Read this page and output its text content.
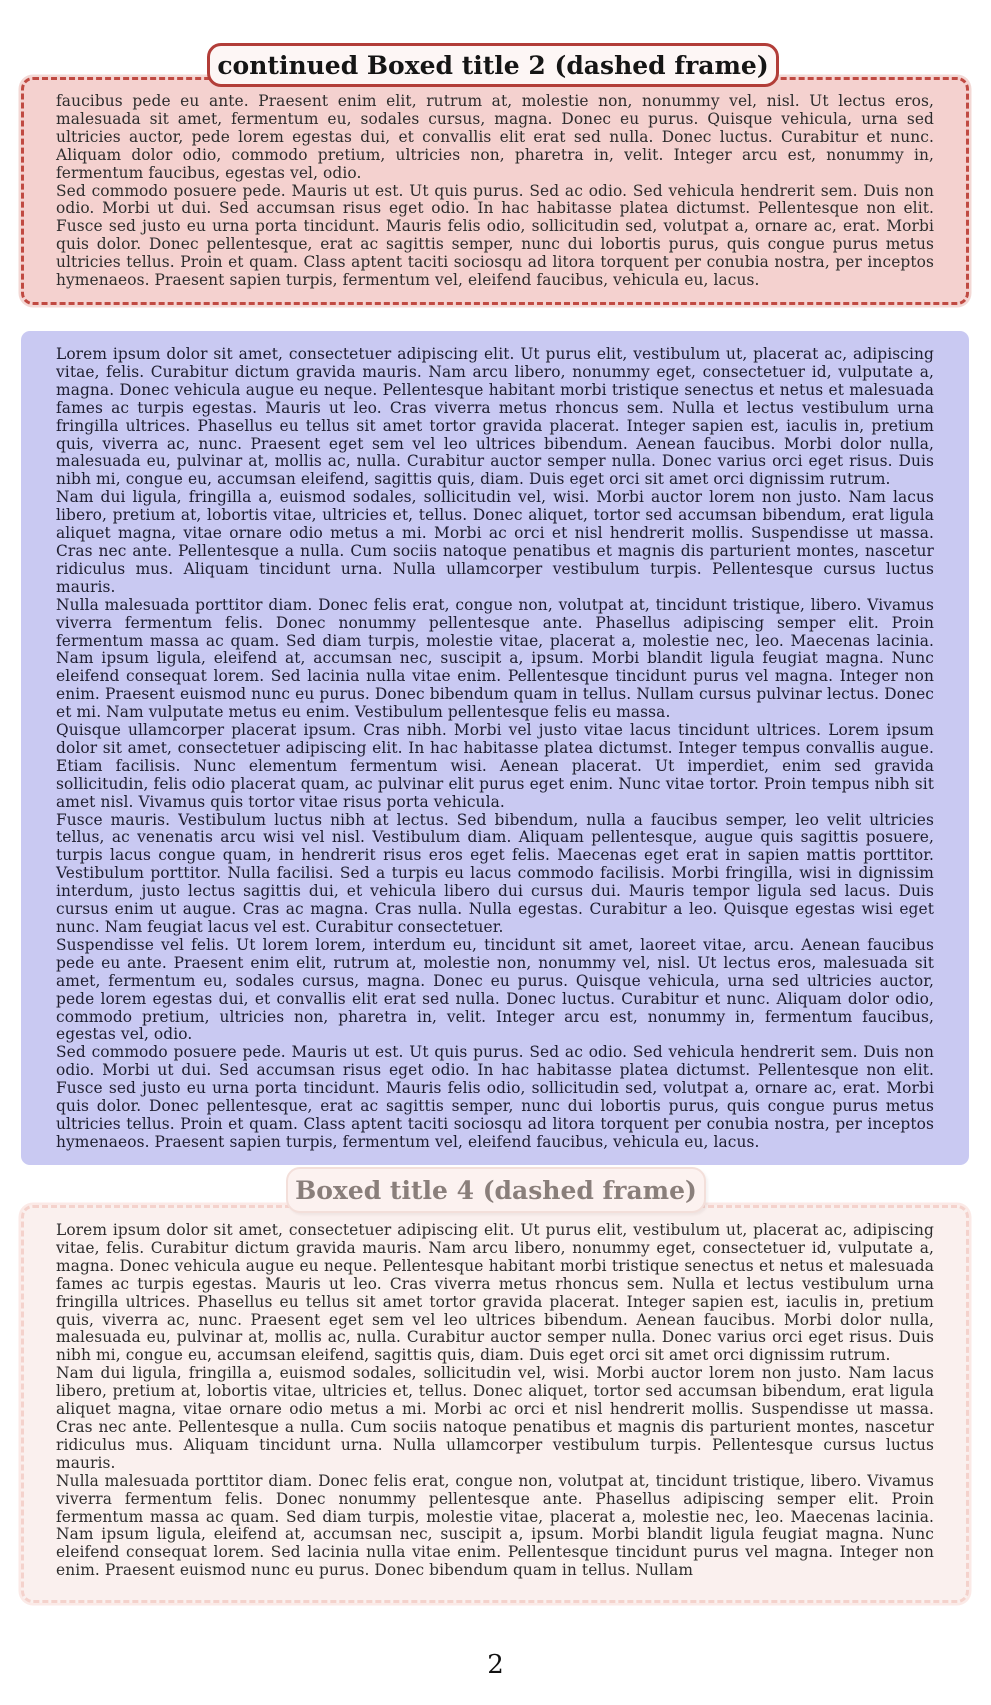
faucibus pede eu ante. Praesent enim elit, rutrum at, molestie non, nonummy vel, nisl. Ut lectus eros, malesuada sit amet, fermentum eu, sodales cursus, magna. Donec eu purus. Quisque vehicula, urna sed ultricies auctor, pede lorem egestas dui, et convallis elit erat sed nulla. Donec luctus. Curabitur et nunc. Aliquam dolor odio, commodo pretium, ultricies non, pharetra in, velit. Integer arcu est, nonummy in, fermentum faucibus, egestas vel, odio.

Sed commodo posuere pede. Mauris ut est. Ut quis purus. Sed ac odio. Sed vehicula hendrerit sem. Duis non odio. Morbi ut dui. Sed accumsan risus eget odio. In hac habitasse platea dictumst. Pellentesque non elit. Fusce sed justo eu urna porta tincidunt. Mauris felis odio, sollicitudin sed, volutpat a, ornare ac, erat. Morbi quis dolor. Donec pellentesque, erat ac sagittis semper, nunc dui lobortis purus, quis congue purus metus ultricies tellus. Proin et quam. Class aptent taciti sociosqu ad litora torquent per conubia nostra, per inceptos hymenaeos. Praesent sapien turpis, fermentum vel, eleifend faucibus, vehicula eu, lacus.

continued Boxed title 2 (dashed frame)

Lorem ipsum dolor sit amet, consectetuer adipiscing elit. Ut purus elit, vestibulum ut, placerat ac, adipiscing vitae, felis. Curabitur dictum gravida mauris. Nam arcu libero, nonummy eget, consectetuer id, vulputate a, magna. Donec vehicula augue eu neque. Pellentesque habitant morbi tristique senectus et netus et malesuada fames ac turpis egestas. Mauris ut leo. Cras viverra metus rhoncus sem. Nulla et lectus vestibulum urna fringilla ultrices. Phasellus eu tellus sit amet tortor gravida placerat. Integer sapien est, iaculis in, pretium quis, viverra ac, nunc. Praesent eget sem vel leo ultrices bibendum. Aenean faucibus. Morbi dolor nulla, malesuada eu, pulvinar at, mollis ac, nulla. Curabitur auctor semper nulla. Donec varius orci eget risus. Duis nibh mi, congue eu, accumsan eleifend, sagittis quis, diam. Duis eget orci sit amet orci dignissim rutrum.

Nam dui ligula, fringilla a, euismod sodales, sollicitudin vel, wisi. Morbi auctor lorem non justo. Nam lacus libero, pretium at, lobortis vitae, ultricies et, tellus. Donec aliquet, tortor sed accumsan bibendum, erat ligula aliquet magna, vitae ornare odio metus a mi. Morbi ac orci et nisl hendrerit mollis. Suspendisse ut massa. Cras nec ante. Pellentesque a nulla. Cum sociis natoque penatibus et magnis dis parturient montes, nascetur ridiculus mus. Aliquam tincidunt urna. Nulla ullamcorper vestibulum turpis. Pellentesque cursus luctus mauris.

Nulla malesuada porttitor diam. Donec felis erat, congue non, volutpat at, tincidunt tristique, libero. Vivamus viverra fermentum felis. Donec nonummy pellentesque ante. Phasellus adipiscing semper elit. Proin fermentum massa ac quam. Sed diam turpis, molestie vitae, placerat a, molestie nec, leo. Maecenas lacinia. Nam ipsum ligula, eleifend at, accumsan nec, suscipit a, ipsum. Morbi blandit ligula feugiat magna. Nunc eleifend consequat lorem. Sed lacinia nulla vitae enim. Pellentesque tincidunt purus vel magna. Integer non enim. Praesent euismod nunc eu purus. Donec bibendum quam in tellus. Nullam cursus pulvinar lectus. Donec et mi. Nam vulputate metus eu enim. Vestibulum pellentesque felis eu massa.

Quisque ullamcorper placerat ipsum. Cras nibh. Morbi vel justo vitae lacus tincidunt ultrices. Lorem ipsum dolor sit amet, consectetuer adipiscing elit. In hac habitasse platea dictumst. Integer tempus convallis augue. Etiam facilisis. Nunc elementum fermentum wisi. Aenean placerat. Ut imperdiet, enim sed gravida sollicitudin, felis odio placerat quam, ac pulvinar elit purus eget enim. Nunc vitae tortor. Proin tempus nibh sit amet nisl. Vivamus quis tortor vitae risus porta vehicula.

Fusce mauris. Vestibulum luctus nibh at lectus. Sed bibendum, nulla a faucibus semper, leo velit ultricies tellus, ac venenatis arcu wisi vel nisl. Vestibulum diam. Aliquam pellentesque, augue quis sagittis posuere, turpis lacus congue quam, in hendrerit risus eros eget felis. Maecenas eget erat in sapien mattis porttitor. Vestibulum porttitor. Nulla facilisi. Sed a turpis eu lacus commodo facilisis. Morbi fringilla, wisi in dignissim interdum, justo lectus sagittis dui, et vehicula libero dui cursus dui. Mauris tempor ligula sed lacus. Duis cursus enim ut augue. Cras ac magna. Cras nulla. Nulla egestas. Curabitur a leo. Quisque egestas wisi eget nunc. Nam feugiat lacus vel est. Curabitur consectetuer.

Suspendisse vel felis. Ut lorem lorem, interdum eu, tincidunt sit amet, laoreet vitae, arcu. Aenean faucibus pede eu ante. Praesent enim elit, rutrum at, molestie non, nonummy vel, nisl. Ut lectus eros, malesuada sit amet, fermentum eu, sodales cursus, magna. Donec eu purus. Quisque vehicula, urna sed ultricies auctor, pede lorem egestas dui, et convallis elit erat sed nulla. Donec luctus. Curabitur et nunc. Aliquam dolor odio, commodo pretium, ultricies non, pharetra in, velit. Integer arcu est, nonummy in, fermentum faucibus, egestas vel, odio.

Sed commodo posuere pede. Mauris ut est. Ut quis purus. Sed ac odio. Sed vehicula hendrerit sem. Duis non odio. Morbi ut dui. Sed accumsan risus eget odio. In hac habitasse platea dictumst. Pellentesque non elit. Fusce sed justo eu urna porta tincidunt. Mauris felis odio, sollicitudin sed, volutpat a, ornare ac, erat. Morbi quis dolor. Donec pellentesque, erat ac sagittis semper, nunc dui lobortis purus, quis congue purus metus ultricies tellus. Proin et quam. Class aptent taciti sociosqu ad litora torquent per conubia nostra, per inceptos hymenaeos. Praesent sapien turpis, fermentum vel, eleifend faucibus, vehicula eu, lacus.

Lorem ipsum dolor sit amet, consectetuer adipiscing elit. Ut purus elit, vestibulum ut, placerat ac, adipiscing vitae, felis. Curabitur dictum gravida mauris. Nam arcu libero, nonummy eget, consectetuer id, vulputate a, magna. Donec vehicula augue eu neque. Pellentesque habitant morbi tristique senectus et netus et malesuada fames ac turpis egestas. Mauris ut leo. Cras viverra metus rhoncus sem. Nulla et lectus vestibulum urna fringilla ultrices. Phasellus eu tellus sit amet tortor gravida placerat. Integer sapien est, iaculis in, pretium quis, viverra ac, nunc. Praesent eget sem vel leo ultrices bibendum. Aenean faucibus. Morbi dolor nulla, malesuada eu, pulvinar at, mollis ac, nulla. Curabitur auctor semper nulla. Donec varius orci eget risus. Duis nibh mi, congue eu, accumsan eleifend, sagittis quis, diam. Duis eget orci sit amet orci dignissim rutrum.

Nam dui ligula, fringilla a, euismod sodales, sollicitudin vel, wisi. Morbi auctor lorem non justo. Nam lacus libero, pretium at, lobortis vitae, ultricies et, tellus. Donec aliquet, tortor sed accumsan bibendum, erat ligula aliquet magna, vitae ornare odio metus a mi. Morbi ac orci et nisl hendrerit mollis. Suspendisse ut massa. Cras nec ante. Pellentesque a nulla. Cum sociis natoque penatibus et magnis dis parturient montes, nascetur ridiculus mus. Aliquam tincidunt urna. Nulla ullamcorper vestibulum turpis. Pellentesque cursus luctus mauris.

Nulla malesuada porttitor diam. Donec felis erat, congue non, volutpat at, tincidunt tristique, libero. Vivamus viverra fermentum felis. Donec nonummy pellentesque ante. Phasellus adipiscing semper elit. Proin fermentum massa ac quam. Sed diam turpis, molestie vitae, placerat a, molestie nec, leo. Maecenas lacinia. Nam ipsum ligula, eleifend at, accumsan nec, suscipit a, ipsum. Morbi blandit ligula feugiat magna. Nunc eleifend consequat lorem. Sed lacinia nulla vitae enim. Pellentesque tincidunt purus vel magna. Integer non enim. Praesent euismod nunc eu purus. Donec bibendum quam in tellus. Nullam

Boxed title 4 (dashed frame)
2
